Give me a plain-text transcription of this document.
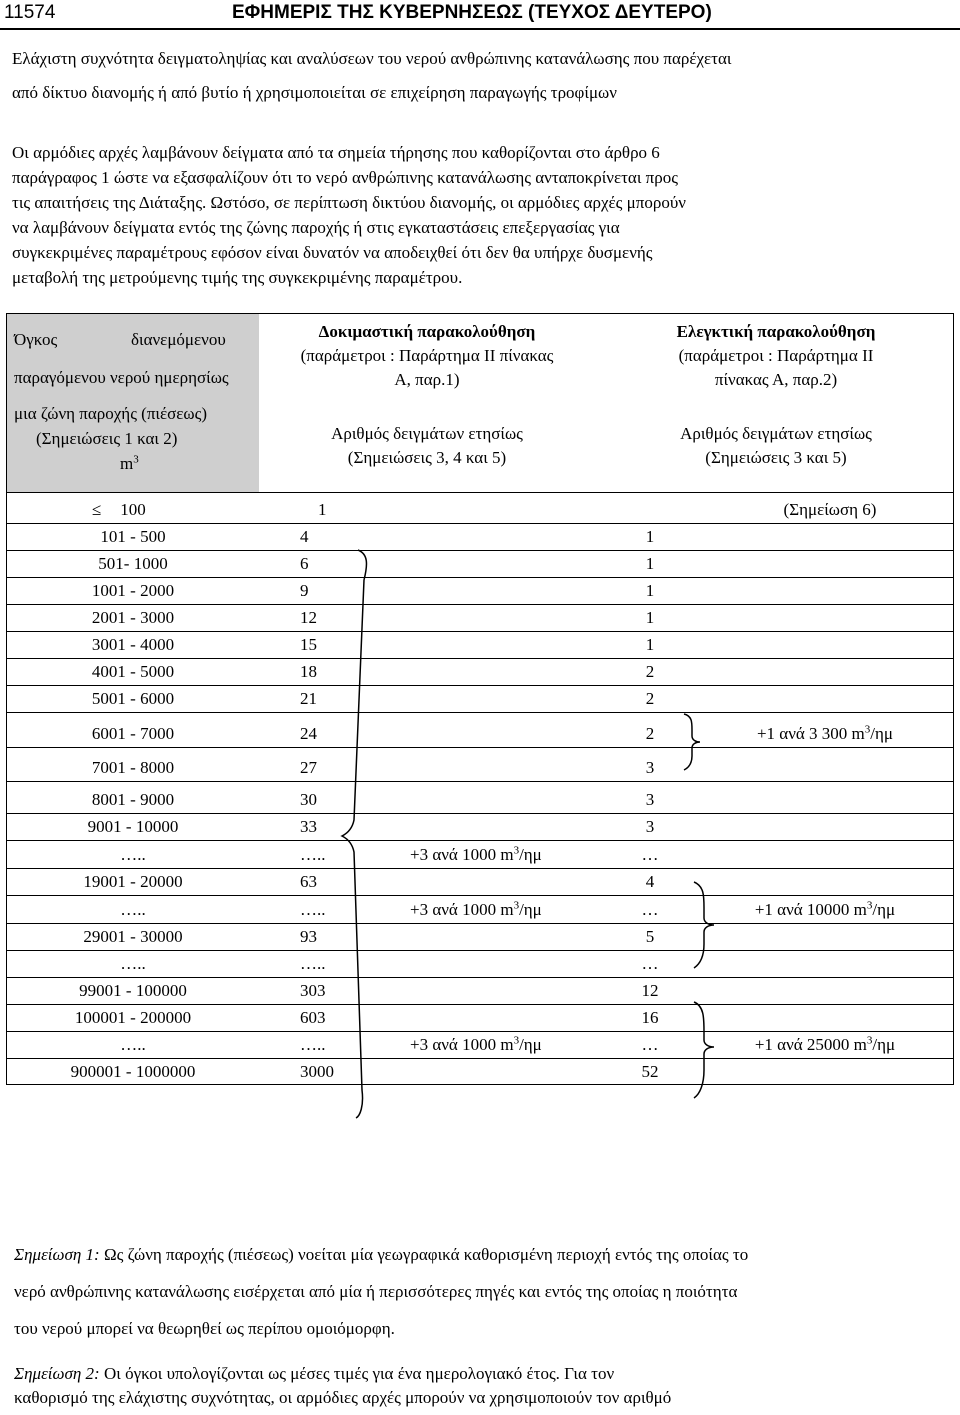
11574	ΕΦΗΜΕΡΙΣ ΤΗΣ ΚΥΒΕΡΝΗΣΕΩΣ (ΤΕΥΧΟΣ ΔΕΥΤΕΡΟ)
Ελάχιστη συχνότητα δειγματοληψίας και αναλύσεων του νερού ανθρώπινης κατανάλωσης που παρέχεται
από δίκτυο διανομής ή από βυτίο ή χρησιμοποιείται σε επιχείρηση παραγωγής τροφίμων
Οι αρμόδιες αρχές λαμβάνουν δείγματα από τα σημεία τήρησης που καθορίζονται στο άρθρο 6
παράγραφος 1 ώστε να εξασφαλίζουν ότι το νερό ανθρώπινης κατανάλωσης ανταποκρίνεται προς
τις απαιτήσεις της Διάταξης. Ωστόσο, σε περίπτωση δικτύου διανομής, οι αρμόδιες αρχές μπορούν
να λαμβάνουν δείγματα εντός της ζώνης παροχής ή στις εγκαταστάσεις επεξεργασίας για
συγκεκριμένες παραμέτρους εφόσον είναι δυνατόν να αποδειχθεί ότι δεν θα υπήρχε δυσμενής
μεταβολή της μετρούμενης τιμής της συγκεκριμένης παραμέτρου.
Όγκος	διανεμόμενου
παραγόμενου νερού ημερησίως
μια ζώνη παροχής (πιέσεως)
(Σημειώσεις 1 και 2)
$m^3$
Δοκιμαστική παρακολούθηση
(παράμετροι : Παράρτημα ΙΙ πίνακας
Α, παρ.1)
Αριθμός δειγμάτων ετησίως
(Σημειώσεις 3, 4 και 5)
Ελεγκτική παρακολούθηση
(παράμετροι : Παράρτημα ΙΙ
πίνακας Α, παρ.2)
Αριθμός δειγμάτων ετησίως
(Σημειώσεις 3 και 5)
≤
Σημείωση 1: Ως ζώνη παροχής (πιέσεως) νοείται μία γεωγραφικά καθορισμένη περιοχή εντός της οποίας το
νερό ανθρώπινης κατανάλωσης εισέρχεται από μία ή περισσότερες πηγές και εντός της οποίας η ποιότητα
του νερού μπορεί να θεωρηθεί ως περίπου ομοιόμορφη.
Σημείωση 2: Οι όγκοι υπολογίζονται ως μέσες τιμές για ένα ημερολογιακό έτος. Για τον
καθορισμό της ελάχιστης συχνότητας, οι αρμόδιες αρχές μπορούν να χρησιμοποιούν τον αριθμό
100	1	(Σημείωση 6)
101 - 500	4	1
501- 1000	6	1
1001 - 2000	9	1
2001 - 3000	12	1
3001 - 4000	15	1
4001 - 5000	18	2
5001 - 6000	21	2
6001 - 7000	24	2	+1 ανά 3 300 $m^3/\eta\mu$
7001 - 8000	27	3
8001 - 9000	30	3
9001 - 10000	33	3
…..	…..	+3 ανά 1000 $m^3/\eta\mu$	…
19001 - 20000	63	4
…..	…..	+3 ανά 1000 $m^3/\eta\mu$	…	+1 ανά 10000 $m^3/\eta\mu$
29001 - 30000	93	5
…..	…..	…
99001 - 100000	303	12
100001 - 200000	603	16
…..	…..	+3 ανά 1000 $m^3/\eta\mu$	…	+1 ανά 25000 $m^3/\eta\mu$
900001 - 1000000	3000	52
